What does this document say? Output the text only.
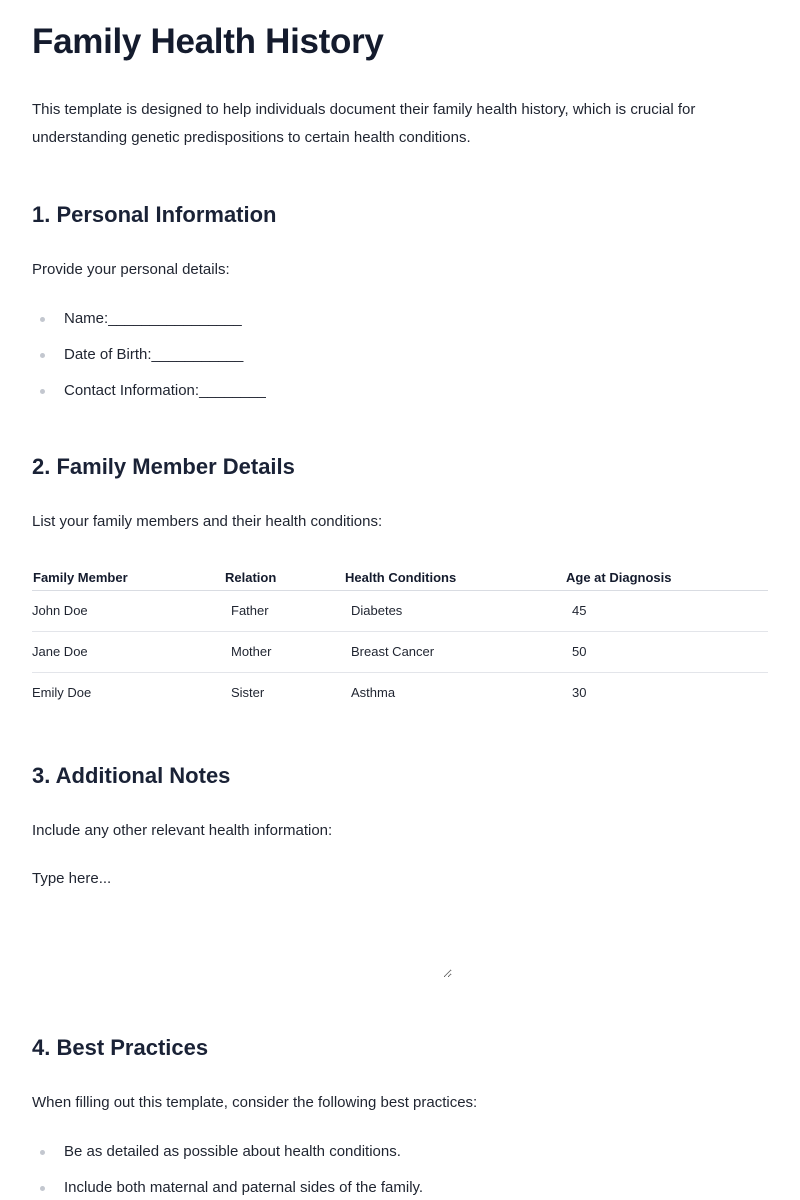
Family Health History

This template is designed to help individuals document their family health history, which is crucial for understanding genetic predispositions to certain health conditions.

1. Personal Information

Provide your personal details:

Name:________________
Date of Birth:___________
Contact Information:________
2. Family Member Details

List your family members and their health conditions:

Family Member	Relation	Health Conditions	Age at Diagnosis
John Doe	Father	Diabetes	45
Jane Doe	Mother	Breast Cancer	50
Emily Doe	Sister	Asthma	30
3. Additional Notes

Include any other relevant health information:

Type here...
4. Best Practices

When filling out this template, consider the following best practices:

Be as detailed as possible about health conditions.
Include both maternal and paternal sides of the family.
